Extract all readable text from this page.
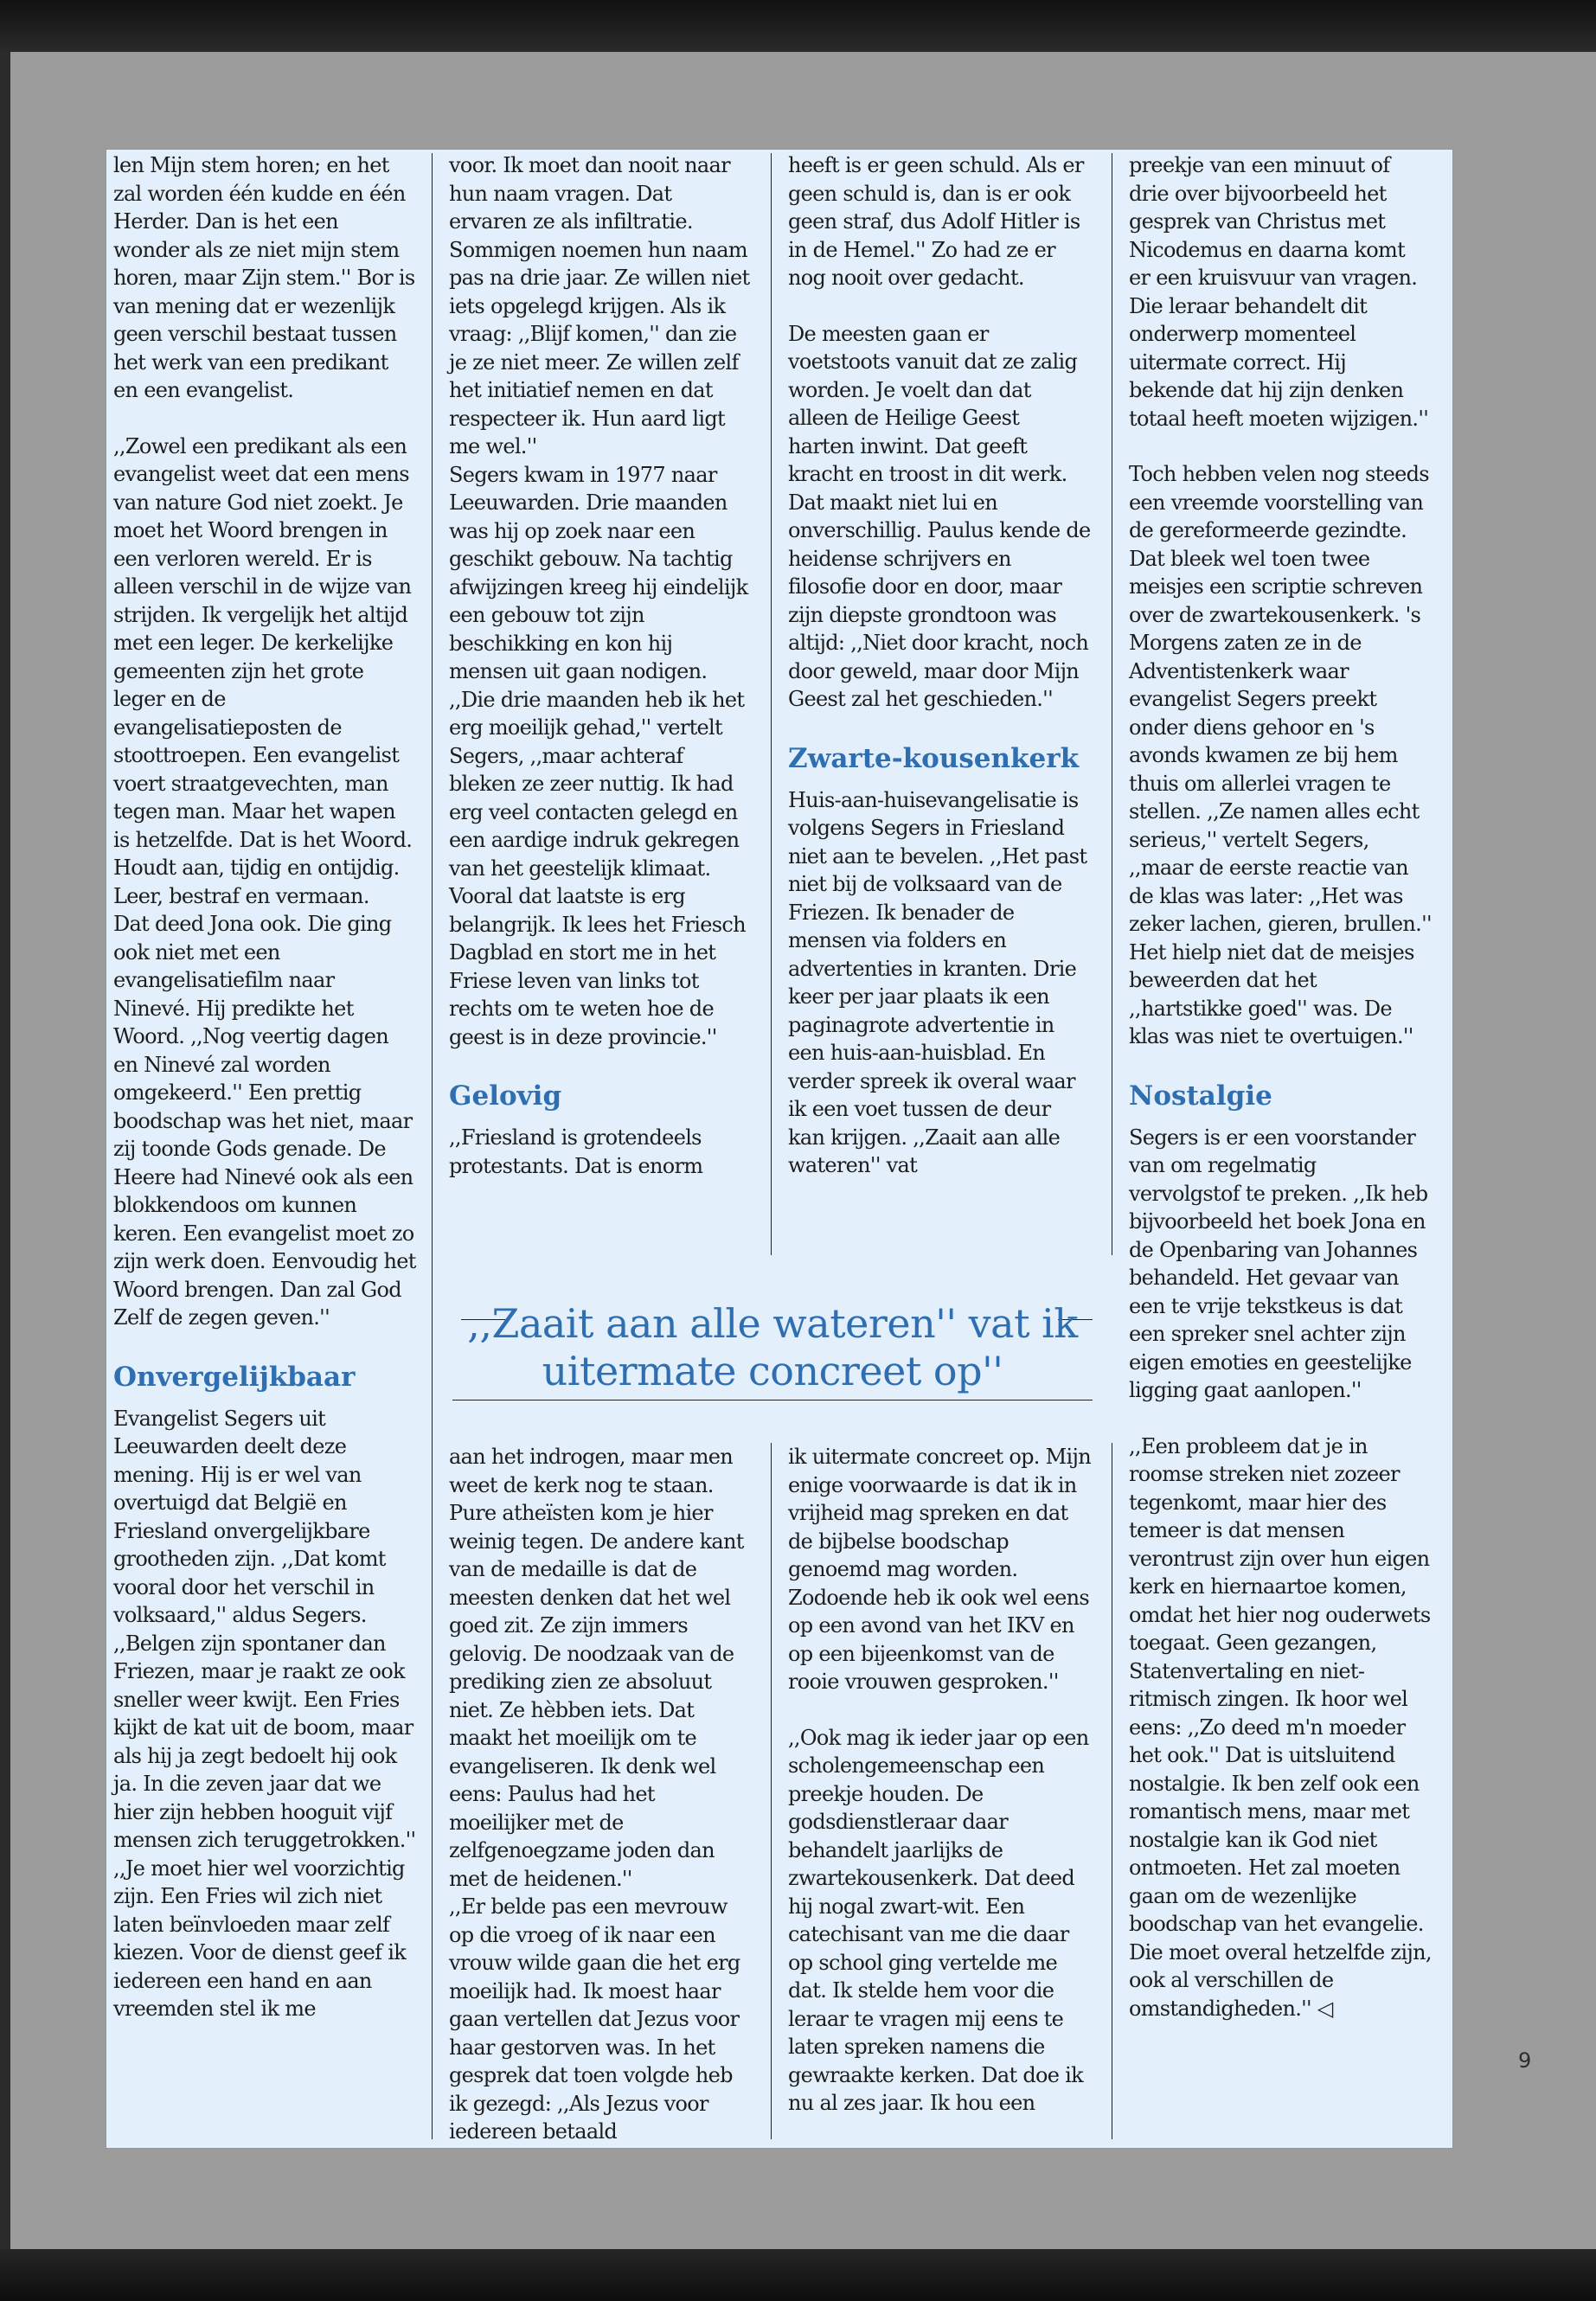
len Mijn stem horen; en het zal worden één kudde en één Herder. Dan is het een wonder als ze niet mijn stem horen, maar Zijn stem.'' Bor is van mening dat er wezenlijk geen verschil bestaat tussen het werk van een predikant en een evangelist.

,,Zowel een predikant als een evangelist weet dat een mens van nature God niet zoekt. Je moet het Woord brengen in een verloren wereld. Er is alleen verschil in de wijze van strijden. Ik vergelijk het altijd met een leger. De kerkelijke gemeenten zijn het grote leger en de evangelisatieposten de stoottroepen. Een evangelist voert straatgevechten, man tegen man. Maar het wapen is hetzelfde. Dat is het Woord. Houdt aan, tijdig en ontijdig. Leer, bestraf en vermaan.

Dat deed Jona ook. Die ging ook niet met een evangelisatiefilm naar Ninevé. Hij predikte het Woord. ,,Nog veertig dagen en Ninevé zal worden omgekeerd.'' Een prettig boodschap was het niet, maar zij toonde Gods genade. De Heere had Ninevé ook als een blokkendoos om kunnen keren. Een evangelist moet zo zijn werk doen. Eenvoudig het Woord brengen. Dan zal God Zelf de zegen geven.''

Onvergelijkbaar

Evangelist Segers uit Leeuwarden deelt deze mening. Hij is er wel van overtuigd dat België en Friesland onvergelijkbare grootheden zijn. ,,Dat komt vooral door het verschil in volksaard,'' aldus Segers. ,,Belgen zijn spontaner dan Friezen, maar je raakt ze ook sneller weer kwijt. Een Fries kijkt de kat uit de boom, maar als hij ja zegt bedoelt hij ook ja. In die zeven jaar dat we hier zijn hebben hooguit vijf mensen zich teruggetrokken.''

,,Je moet hier wel voorzichtig zijn. Een Fries wil zich niet laten beïnvloeden maar zelf kiezen. Voor de dienst geef ik iedereen een hand en aan vreemden stel ik me

voor. Ik moet dan nooit naar hun naam vragen. Dat ervaren ze als infiltratie. Sommigen noemen hun naam pas na drie jaar. Ze willen niet iets opgelegd krijgen. Als ik vraag: ,,Blijf komen,'' dan zie je ze niet meer. Ze willen zelf het initiatief nemen en dat respecteer ik. Hun aard ligt me wel.''

Segers kwam in 1977 naar Leeuwarden. Drie maanden was hij op zoek naar een geschikt gebouw. Na tachtig afwijzingen kreeg hij eindelijk een gebouw tot zijn beschikking en kon hij mensen uit gaan nodigen. ,,Die drie maanden heb ik het erg moeilijk gehad,'' vertelt Segers, ,,maar achteraf bleken ze zeer nuttig. Ik had erg veel contacten gelegd en een aardige indruk gekregen van het geestelijk klimaat. Vooral dat laatste is erg belangrijk. Ik lees het Friesch Dagblad en stort me in het Friese leven van links tot rechts om te weten hoe de geest is in deze provincie.''

Gelovig

,,Friesland is grotendeels protestants. Dat is enorm

aan het indrogen, maar men weet de kerk nog te staan. Pure atheïsten kom je hier weinig tegen. De andere kant van de medaille is dat de meesten denken dat het wel goed zit. Ze zijn immers gelovig. De noodzaak van de prediking zien ze absoluut niet. Ze hèbben iets. Dat maakt het moeilijk om te evangeliseren. Ik denk wel eens: Paulus had het moeilijker met de zelfgenoegzame joden dan met de heidenen.''

,,Er belde pas een mevrouw op die vroeg of ik naar een vrouw wilde gaan die het erg moeilijk had. Ik moest haar gaan vertellen dat Jezus voor haar gestorven was. In het gesprek dat toen volgde heb ik gezegd: ,,Als Jezus voor iedereen betaald

heeft is er geen schuld. Als er geen schuld is, dan is er ook geen straf, dus Adolf Hitler is in de Hemel.'' Zo had ze er nog nooit over gedacht.

De meesten gaan er voetstoots vanuit dat ze zalig worden. Je voelt dan dat alleen de Heilige Geest harten inwint. Dat geeft kracht en troost in dit werk. Dat maakt niet lui en onverschillig. Paulus kende de heidense schrijvers en filosofie door en door, maar zijn diepste grondtoon was altijd: ,,Niet door kracht, noch door geweld, maar door Mijn Geest zal het geschieden.''

Zwarte-kousenkerk

Huis-aan-huisevangelisatie is volgens Segers in Friesland niet aan te bevelen. ,,Het past niet bij de volksaard van de Friezen. Ik benader de mensen via folders en advertenties in kranten. Drie keer per jaar plaats ik een paginagrote advertentie in een huis-aan-huisblad. En verder spreek ik overal waar ik een voet tussen de deur kan krijgen. ,,Zaait aan alle wateren'' vat

ik uitermate concreet op. Mijn enige voorwaarde is dat ik in vrijheid mag spreken en dat de bijbelse boodschap genoemd mag worden. Zodoende heb ik ook wel eens op een avond van het IKV en op een bijeenkomst van de rooie vrouwen gesproken.''

,,Ook mag ik ieder jaar op een scholengemeenschap een preekje houden. De godsdienstleraar daar behandelt jaarlijks de zwartekousenkerk. Dat deed hij nogal zwart-wit. Een catechisant van me die daar op school ging vertelde me dat. Ik stelde hem voor die leraar te vragen mij eens te laten spreken namens die gewraakte kerken. Dat doe ik nu al zes jaar. Ik hou een

preekje van een minuut of drie over bijvoorbeeld het gesprek van Christus met Nicodemus en daarna komt er een kruisvuur van vragen. Die leraar behandelt dit onderwerp momenteel uitermate correct. Hij bekende dat hij zijn denken totaal heeft moeten wijzigen.''

Toch hebben velen nog steeds een vreemde voorstelling van de gereformeerde gezindte. Dat bleek wel toen twee meisjes een scriptie schreven over de zwartekousenkerk. 's Morgens zaten ze in de Adventistenkerk waar evangelist Segers preekt onder diens gehoor en 's avonds kwamen ze bij hem thuis om allerlei vragen te stellen. ,,Ze namen alles echt serieus,'' vertelt Segers, ,,maar de eerste reactie van de klas was later: ,,Het was zeker lachen, gieren, brullen.'' Het hielp niet dat de meisjes beweerden dat het ,,hartstikke goed'' was. De klas was niet te overtuigen.''

Nostalgie

Segers is er een voorstander van om regelmatig vervolgstof te preken. ,,Ik heb bijvoorbeeld het boek Jona en de Openbaring van Johannes behandeld. Het gevaar van een te vrije tekstkeus is dat een spreker snel achter zijn eigen emoties en geestelijke ligging gaat aanlopen.''

,,Een probleem dat je in roomse streken niet zozeer tegenkomt, maar hier des temeer is dat mensen verontrust zijn over hun eigen kerk en hiernaartoe komen, omdat het hier nog ouderwets toegaat. Geen gezangen, Statenvertaling en niet-ritmisch zingen. Ik hoor wel eens: ,,Zo deed m'n moeder het ook.'' Dat is uitsluitend nostalgie. Ik ben zelf ook een romantisch mens, maar met nostalgie kan ik God niet ontmoeten. Het zal moeten gaan om de wezenlijke boodschap van het evangelie. Die moet overal hetzelfde zijn, ook al verschillen de omstandigheden.'' ◁

,,Zaait aan alle wateren'' vat ik
uitermate concreet op''
9
